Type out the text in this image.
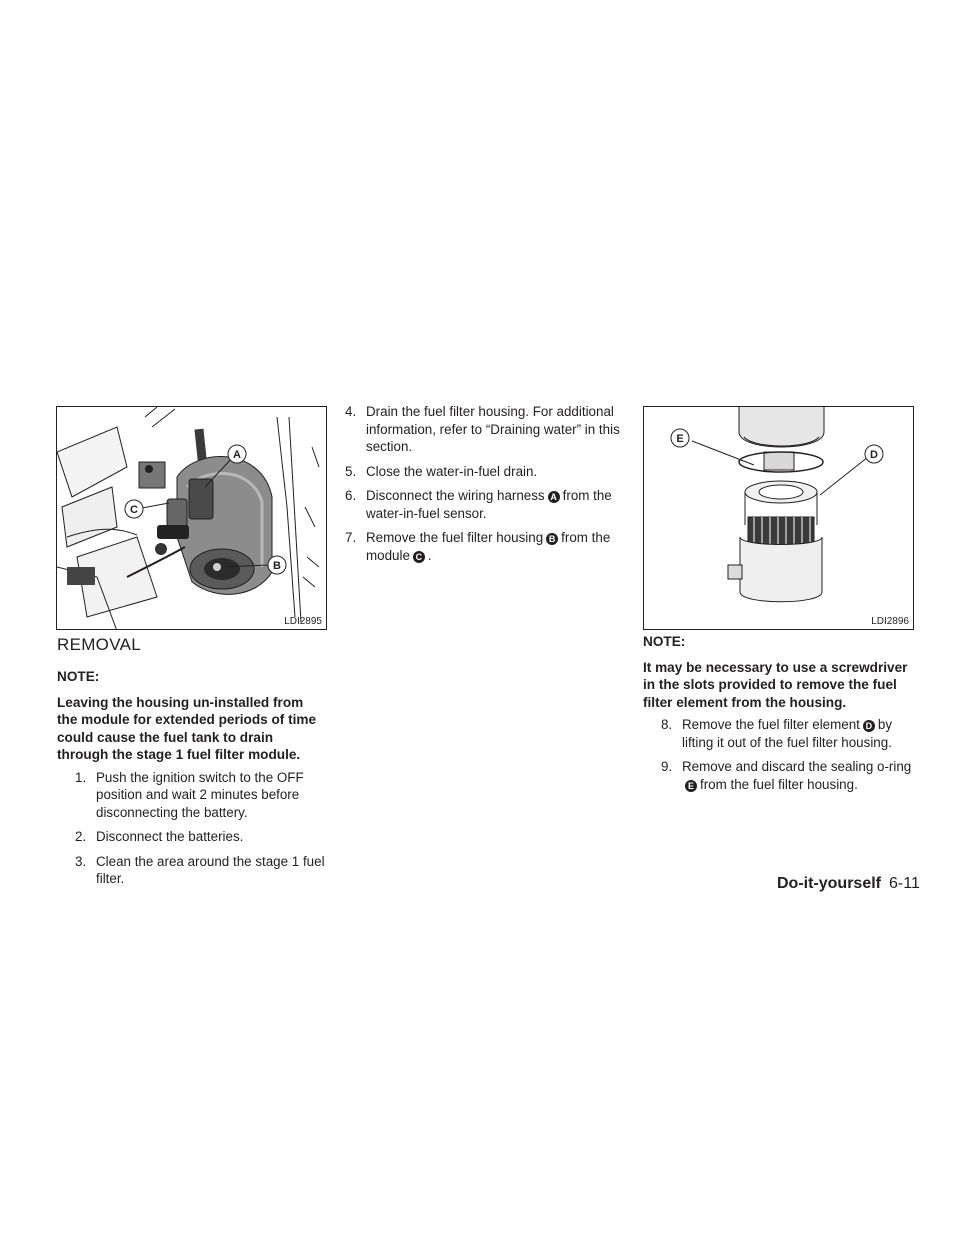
A
B
C
LDI2895
E
D
LDI2896
REMOVAL
NOTE:
Leaving the housing un-installed from the module for extended periods of time could cause the fuel tank to drain through the stage 1 fuel filter module.
1. Push the ignition switch to the OFF position and wait 2 minutes before disconnecting the battery.
2. Disconnect the batteries.
3. Clean the area around the stage 1 fuel filter.
4. Drain the fuel filter housing. For additional information, refer to “Draining water” in this section.
5. Close the water-in-fuel drain.
6. Disconnect the wiring harness A from the water-in-fuel sensor.
7. Remove the fuel filter housing B from the module C .
NOTE:
It may be necessary to use a screwdriver in the slots provided to remove the fuel filter element from the housing.
8. Remove the fuel filter element D by lifting it out of the fuel filter housing.
9. Remove and discard the sealing o-ringE from the fuel filter housing.
Do-it-yourself 6-11
